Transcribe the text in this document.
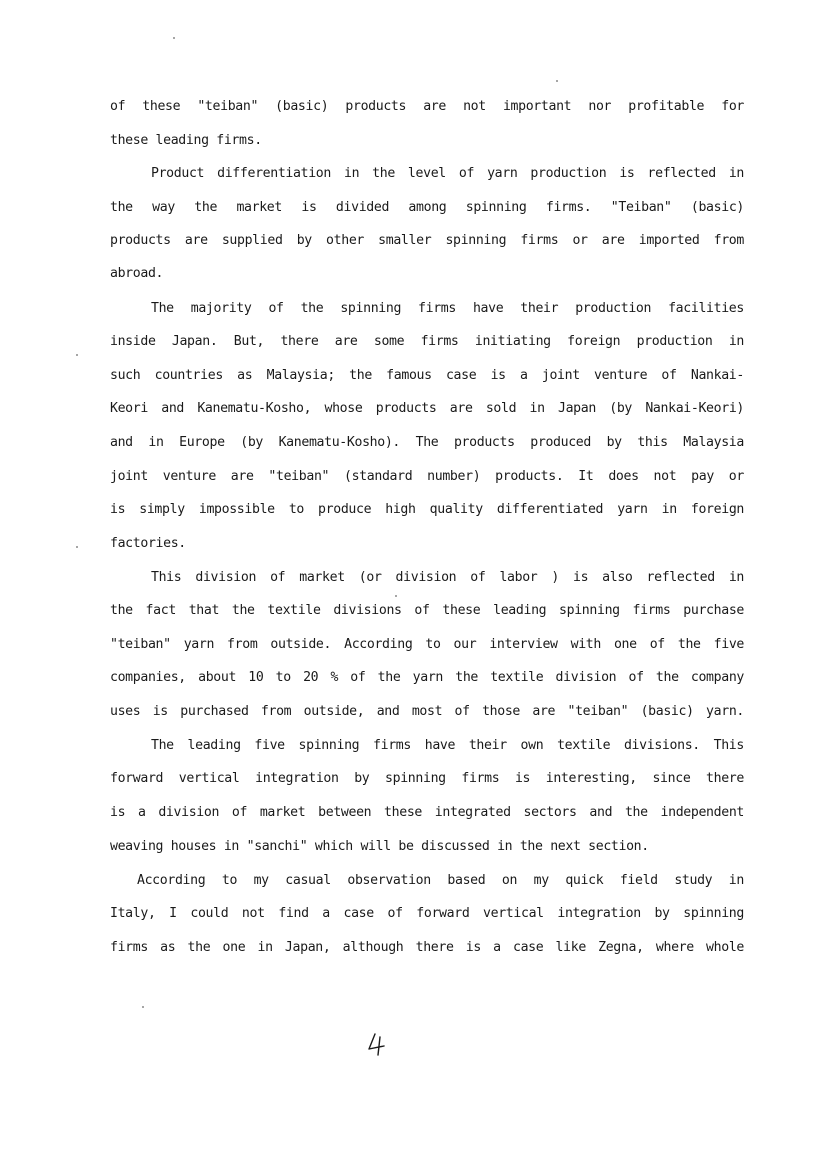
of these "teiban" (basic) products are not important nor profitable for
these leading firms.
Product differentiation in the level of yarn production is reflected in
the way the market is divided among spinning firms. "Teiban" (basic)
products are supplied by other smaller spinning firms or are imported from
abroad.
The majority of the spinning firms have their production facilities
inside Japan. But, there are some firms initiating foreign production in
such countries as Malaysia; the famous case is a joint venture of Nankai-
Keori and Kanematu-Kosho, whose products are sold in Japan (by Nankai-Keori)
and in Europe (by Kanematu-Kosho). The products produced by this Malaysia
joint venture are "teiban" (standard number) products. It does not pay or
is simply impossible to produce high quality differentiated yarn in foreign
factories.
This division of market (or division of labor ) is also reflected in
the fact that the textile divisions of these leading spinning firms purchase
"teiban" yarn from outside. According to our interview with one of the five
companies, about 10 to 20 % of the yarn the textile division of the company
uses is purchased from outside, and most of those are "teiban" (basic) yarn.
The leading five spinning firms have their own textile divisions. This
forward vertical integration by spinning firms is interesting, since there
is a division of market between these integrated sectors and the independent
weaving houses in "sanchi" which will be discussed in the next section.
According to my casual observation based on my quick field study in
Italy, I could not find a case of forward vertical integration by spinning
firms as the one in Japan, although there is a case like Zegna, where whole
